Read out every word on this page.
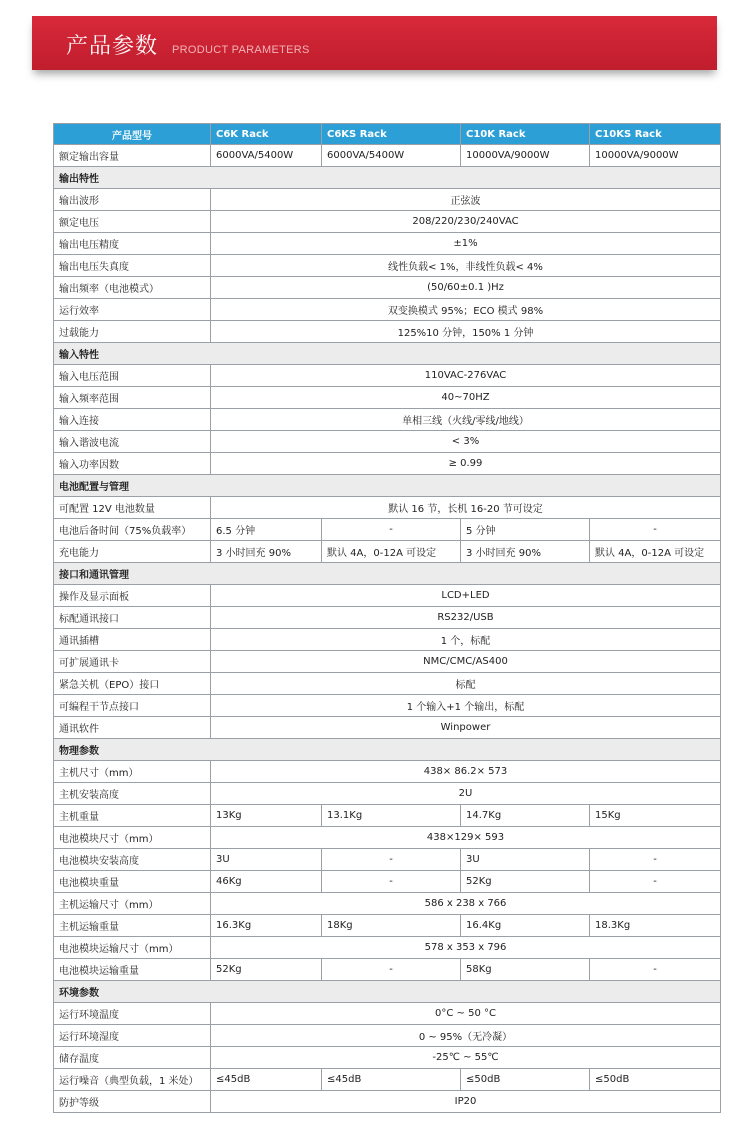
产品参数 PRODUCT PARAMETERS
产品型号	C6K Rack	C6KS Rack	C10K Rack	C10KS Rack
额定输出容量	6000VA/5400W	6000VA/5400W	10000VA/9000W	10000VA/9000W
输出特性				
输出波形	正弦波			
额定电压	208/220/230/240VAC			
输出电压精度	±1%			
输出电压失真度	线性负载< 1%，非线性负载< 4%			
输出频率（电池模式）	(50/60±0.1 )Hz			
运行效率	双变换模式 95%；ECO 模式 98%			
过载能力	125%10 分钟，150% 1 分钟			
输入特性				
输入电压范围	110VAC-276VAC			
输入频率范围	40~70HZ			
输入连接	单相三线（火线/零线/地线）			
输入谐波电流	< 3%			
输入功率因数	≥ 0.99			
电池配置与管理				
可配置 12V 电池数量	默认 16 节，长机 16-20 节可设定			
电池后备时间（75%负载率）	6.5 分钟	-	5 分钟	-
充电能力	3 小时回充 90%	默认 4A，0-12A 可设定	3 小时回充 90%	默认 4A，0-12A 可设定
接口和通讯管理				
操作及显示面板	LCD+LED			
标配通讯接口	RS232/USB			
通讯插槽	1 个，标配			
可扩展通讯卡	NMC/CMC/AS400			
紧急关机（EPO）接口	标配			
可编程干节点接口	1 个输入+1 个输出，标配			
通讯软件	Winpower			
物理参数				
主机尺寸（mm）	438× 86.2× 573			
主机安装高度	2U			
主机重量	13Kg	13.1Kg	14.7Kg	15Kg
电池模块尺寸（mm）	438×129× 593			
电池模块安装高度	3U	-	3U	-
电池模块重量	46Kg	-	52Kg	-
主机运输尺寸（mm）	586 x 238 x 766			
主机运输重量	16.3Kg	18Kg	16.4Kg	18.3Kg
电池模块运输尺寸（mm）	578 x 353 x 796			
电池模块运输重量	52Kg	-	58Kg	-
环境参数				
运行环境温度	0°C ~ 50 °C			
运行环境湿度	0 ~ 95%（无冷凝）			
储存温度	-25℃ ~ 55℃			
运行噪音（典型负载，1 米处）	≤45dB	≤45dB	≤50dB	≤50dB
防护等级	IP20			
